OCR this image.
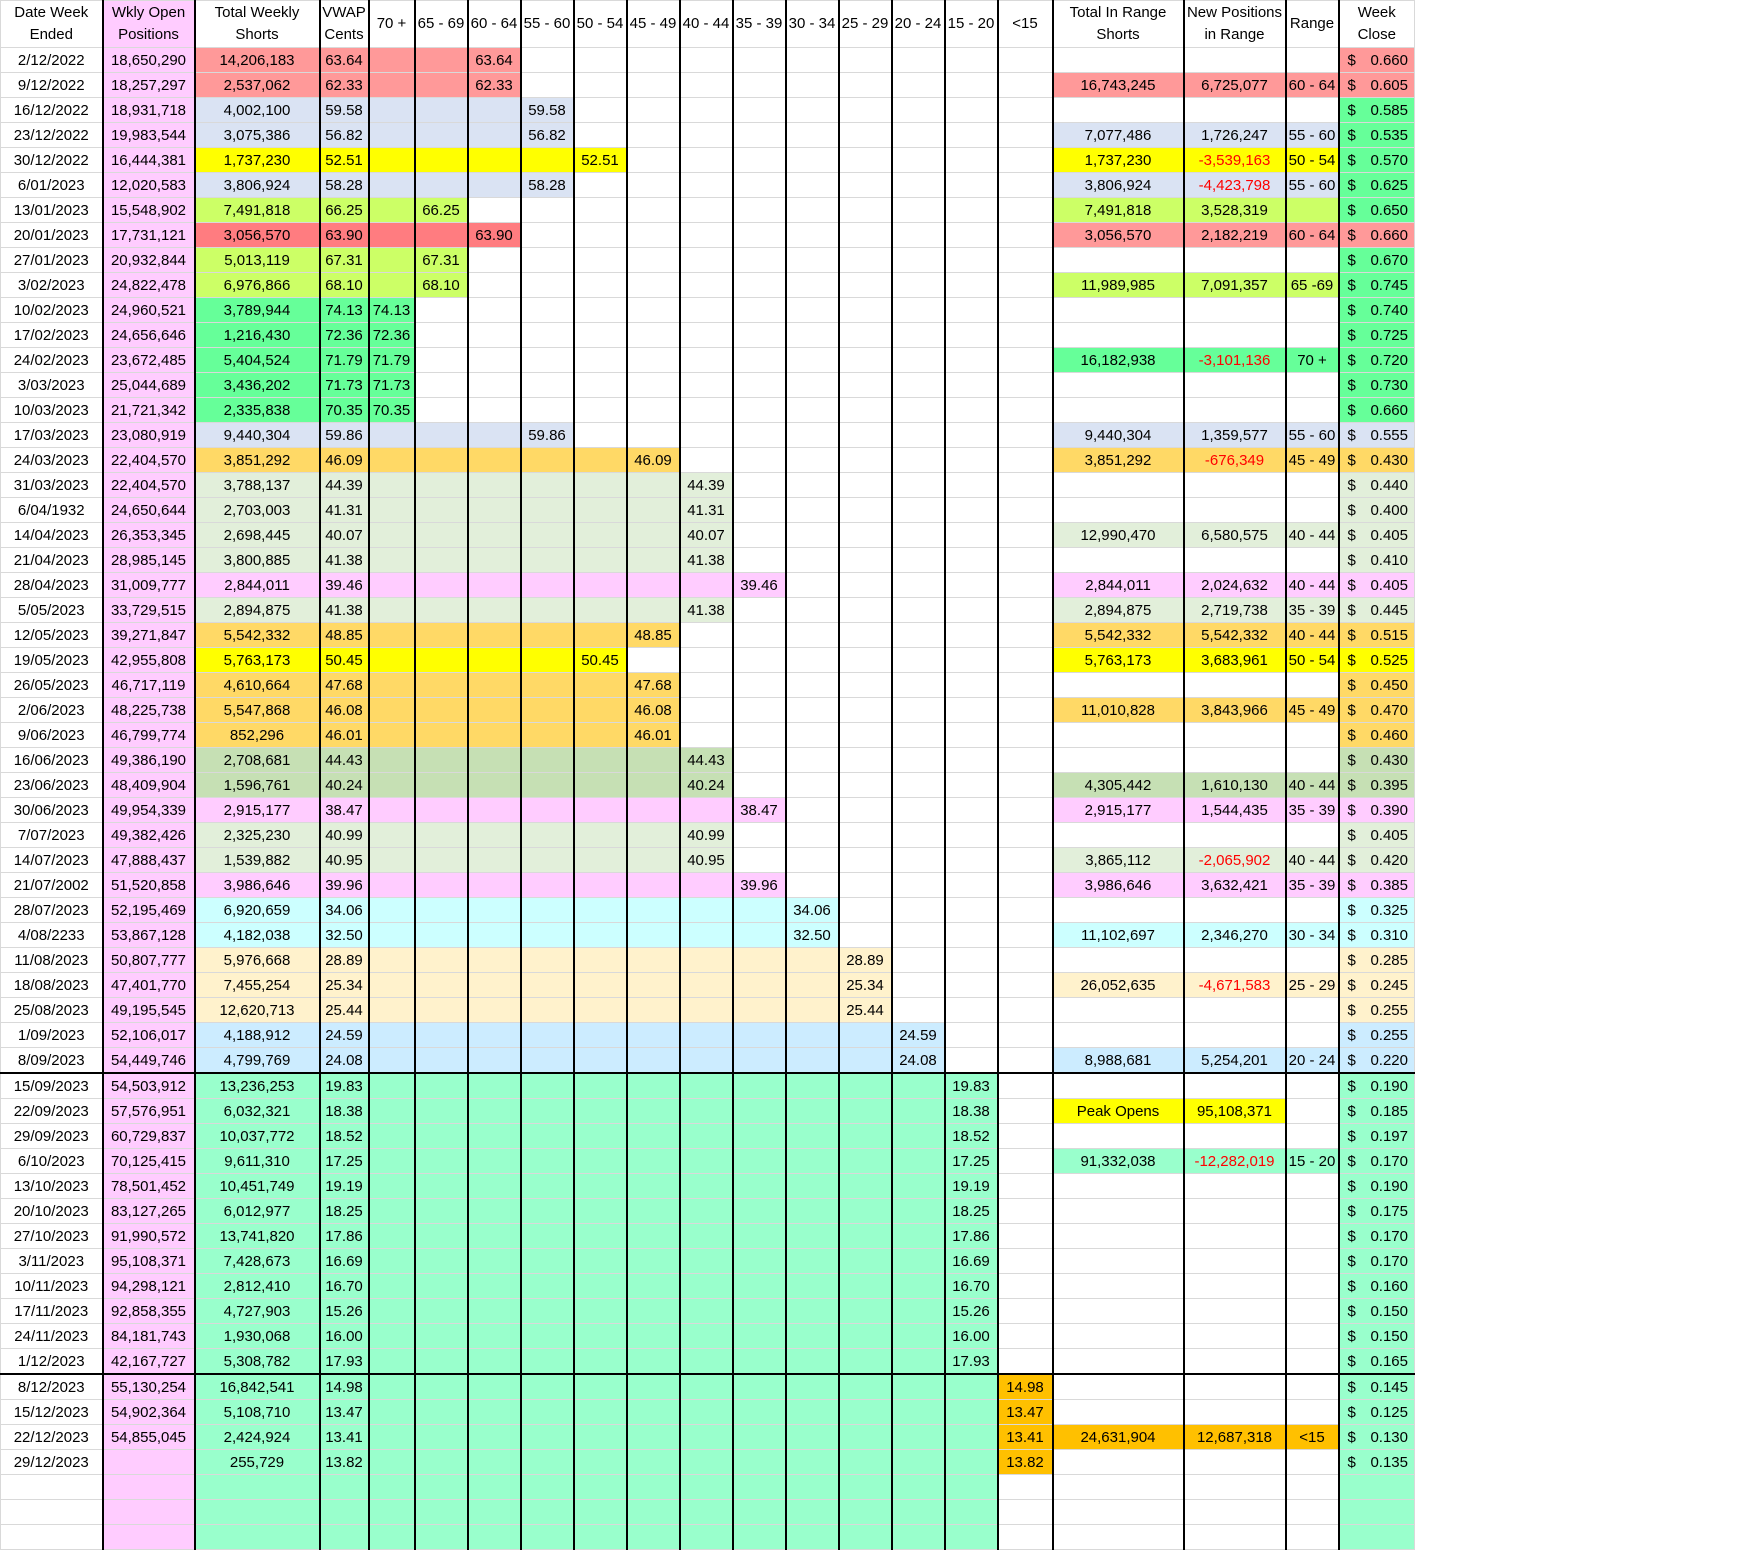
Date Week Ended	Wkly Open Positions	Total Weekly Shorts	VWAP Cents	70 +	65 - 69	60 - 64	55 - 60	50 - 54	45 - 49	40 - 44	35 - 39	30 - 34	25 - 29	20 - 24	15 - 20	<15	Total In Range Shorts	New Positions in Range	Range	Week Close
2/12/2022	18,650,290	14,206,183	63.64			63.64														$ 0.660

9/12/2022	18,257,297	2,537,062	62.33			62.33											16,743,245	6,725,077	60 - 64	$ 0.605

16/12/2022	18,931,718	4,002,100	59.58				59.58													$ 0.585

23/12/2022	19,983,544	3,075,386	56.82				56.82										7,077,486	1,726,247	55 - 60	$ 0.535

30/12/2022	16,444,381	1,737,230	52.51					52.51									1,737,230	-3,539,163	50 - 54	$ 0.570

6/01/2023	12,020,583	3,806,924	58.28				58.28										3,806,924	-4,423,798	55 - 60	$ 0.625

13/01/2023	15,548,902	7,491,818	66.25		66.25												7,491,818	3,528,319		$ 0.650

20/01/2023	17,731,121	3,056,570	63.90			63.90											3,056,570	2,182,219	60 - 64	$ 0.660

27/01/2023	20,932,844	5,013,119	67.31		67.31															$ 0.670

3/02/2023	24,822,478	6,976,866	68.10		68.10												11,989,985	7,091,357	65 -69	$ 0.745

10/02/2023	24,960,521	3,789,944	74.13	74.13																$ 0.740

17/02/2023	24,656,646	1,216,430	72.36	72.36																$ 0.725

24/02/2023	23,672,485	5,404,524	71.79	71.79													16,182,938	-3,101,136	70 +	$ 0.720

3/03/2023	25,044,689	3,436,202	71.73	71.73																$ 0.730

10/03/2023	21,721,342	2,335,838	70.35	70.35																$ 0.660

17/03/2023	23,080,919	9,440,304	59.86				59.86										9,440,304	1,359,577	55 - 60	$ 0.555

24/03/2023	22,404,570	3,851,292	46.09						46.09								3,851,292	-676,349	45 - 49	$ 0.430

31/03/2023	22,404,570	3,788,137	44.39							44.39										$ 0.440

6/04/1932	24,650,644	2,703,003	41.31							41.31										$ 0.400

14/04/2023	26,353,345	2,698,445	40.07							40.07							12,990,470	6,580,575	40 - 44	$ 0.405

21/04/2023	28,985,145	3,800,885	41.38							41.38										$ 0.410

28/04/2023	31,009,777	2,844,011	39.46								39.46						2,844,011	2,024,632	40 - 44	$ 0.405

5/05/2023	33,729,515	2,894,875	41.38							41.38							2,894,875	2,719,738	35 - 39	$ 0.445

12/05/2023	39,271,847	5,542,332	48.85						48.85								5,542,332	5,542,332	40 - 44	$ 0.515

19/05/2023	42,955,808	5,763,173	50.45					50.45									5,763,173	3,683,961	50 - 54	$ 0.525

26/05/2023	46,717,119	4,610,664	47.68						47.68											$ 0.450

2/06/2023	48,225,738	5,547,868	46.08						46.08								11,010,828	3,843,966	45 - 49	$ 0.470

9/06/2023	46,799,774	852,296	46.01						46.01											$ 0.460

16/06/2023	49,386,190	2,708,681	44.43							44.43										$ 0.430

23/06/2023	48,409,904	1,596,761	40.24							40.24							4,305,442	1,610,130	40 - 44	$ 0.395

30/06/2023	49,954,339	2,915,177	38.47								38.47						2,915,177	1,544,435	35 - 39	$ 0.390

7/07/2023	49,382,426	2,325,230	40.99							40.99										$ 0.405

14/07/2023	47,888,437	1,539,882	40.95							40.95							3,865,112	-2,065,902	40 - 44	$ 0.420

21/07/2002	51,520,858	3,986,646	39.96								39.96						3,986,646	3,632,421	35 - 39	$ 0.385

28/07/2023	52,195,469	6,920,659	34.06									34.06								$ 0.325

4/08/2233	53,867,128	4,182,038	32.50									32.50					11,102,697	2,346,270	30 - 34	$ 0.310

11/08/2023	50,807,777	5,976,668	28.89										28.89							$ 0.285

18/08/2023	47,401,770	7,455,254	25.34										25.34				26,052,635	-4,671,583	25 - 29	$ 0.245

25/08/2023	49,195,545	12,620,713	25.44										25.44							$ 0.255

1/09/2023	52,106,017	4,188,912	24.59											24.59						$ 0.255

8/09/2023	54,449,746	4,799,769	24.08											24.08			8,988,681	5,254,201	20 - 24	$ 0.220

15/09/2023	54,503,912	13,236,253	19.83												19.83					$ 0.190

22/09/2023	57,576,951	6,032,321	18.38												18.38		Peak Opens	95,108,371		$ 0.185

29/09/2023	60,729,837	10,037,772	18.52												18.52					$ 0.197

6/10/2023	70,125,415	9,611,310	17.25												17.25		91,332,038	-12,282,019	15 - 20	$ 0.170

13/10/2023	78,501,452	10,451,749	19.19												19.19					$ 0.190

20/10/2023	83,127,265	6,012,977	18.25												18.25					$ 0.175

27/10/2023	91,990,572	13,741,820	17.86												17.86					$ 0.170

3/11/2023	95,108,371	7,428,673	16.69												16.69					$ 0.170

10/11/2023	94,298,121	2,812,410	16.70												16.70					$ 0.160

17/11/2023	92,858,355	4,727,903	15.26												15.26					$ 0.150

24/11/2023	84,181,743	1,930,068	16.00												16.00					$ 0.150

1/12/2023	42,167,727	5,308,782	17.93												17.93					$ 0.165

8/12/2023	55,130,254	16,842,541	14.98													14.98				$ 0.145

15/12/2023	54,902,364	5,108,710	13.47													13.47				$ 0.125

22/12/2023	54,855,045	2,424,924	13.41													13.41	24,631,904	12,687,318	<15	$ 0.130

29/12/2023		255,729	13.82													13.82				$ 0.135
